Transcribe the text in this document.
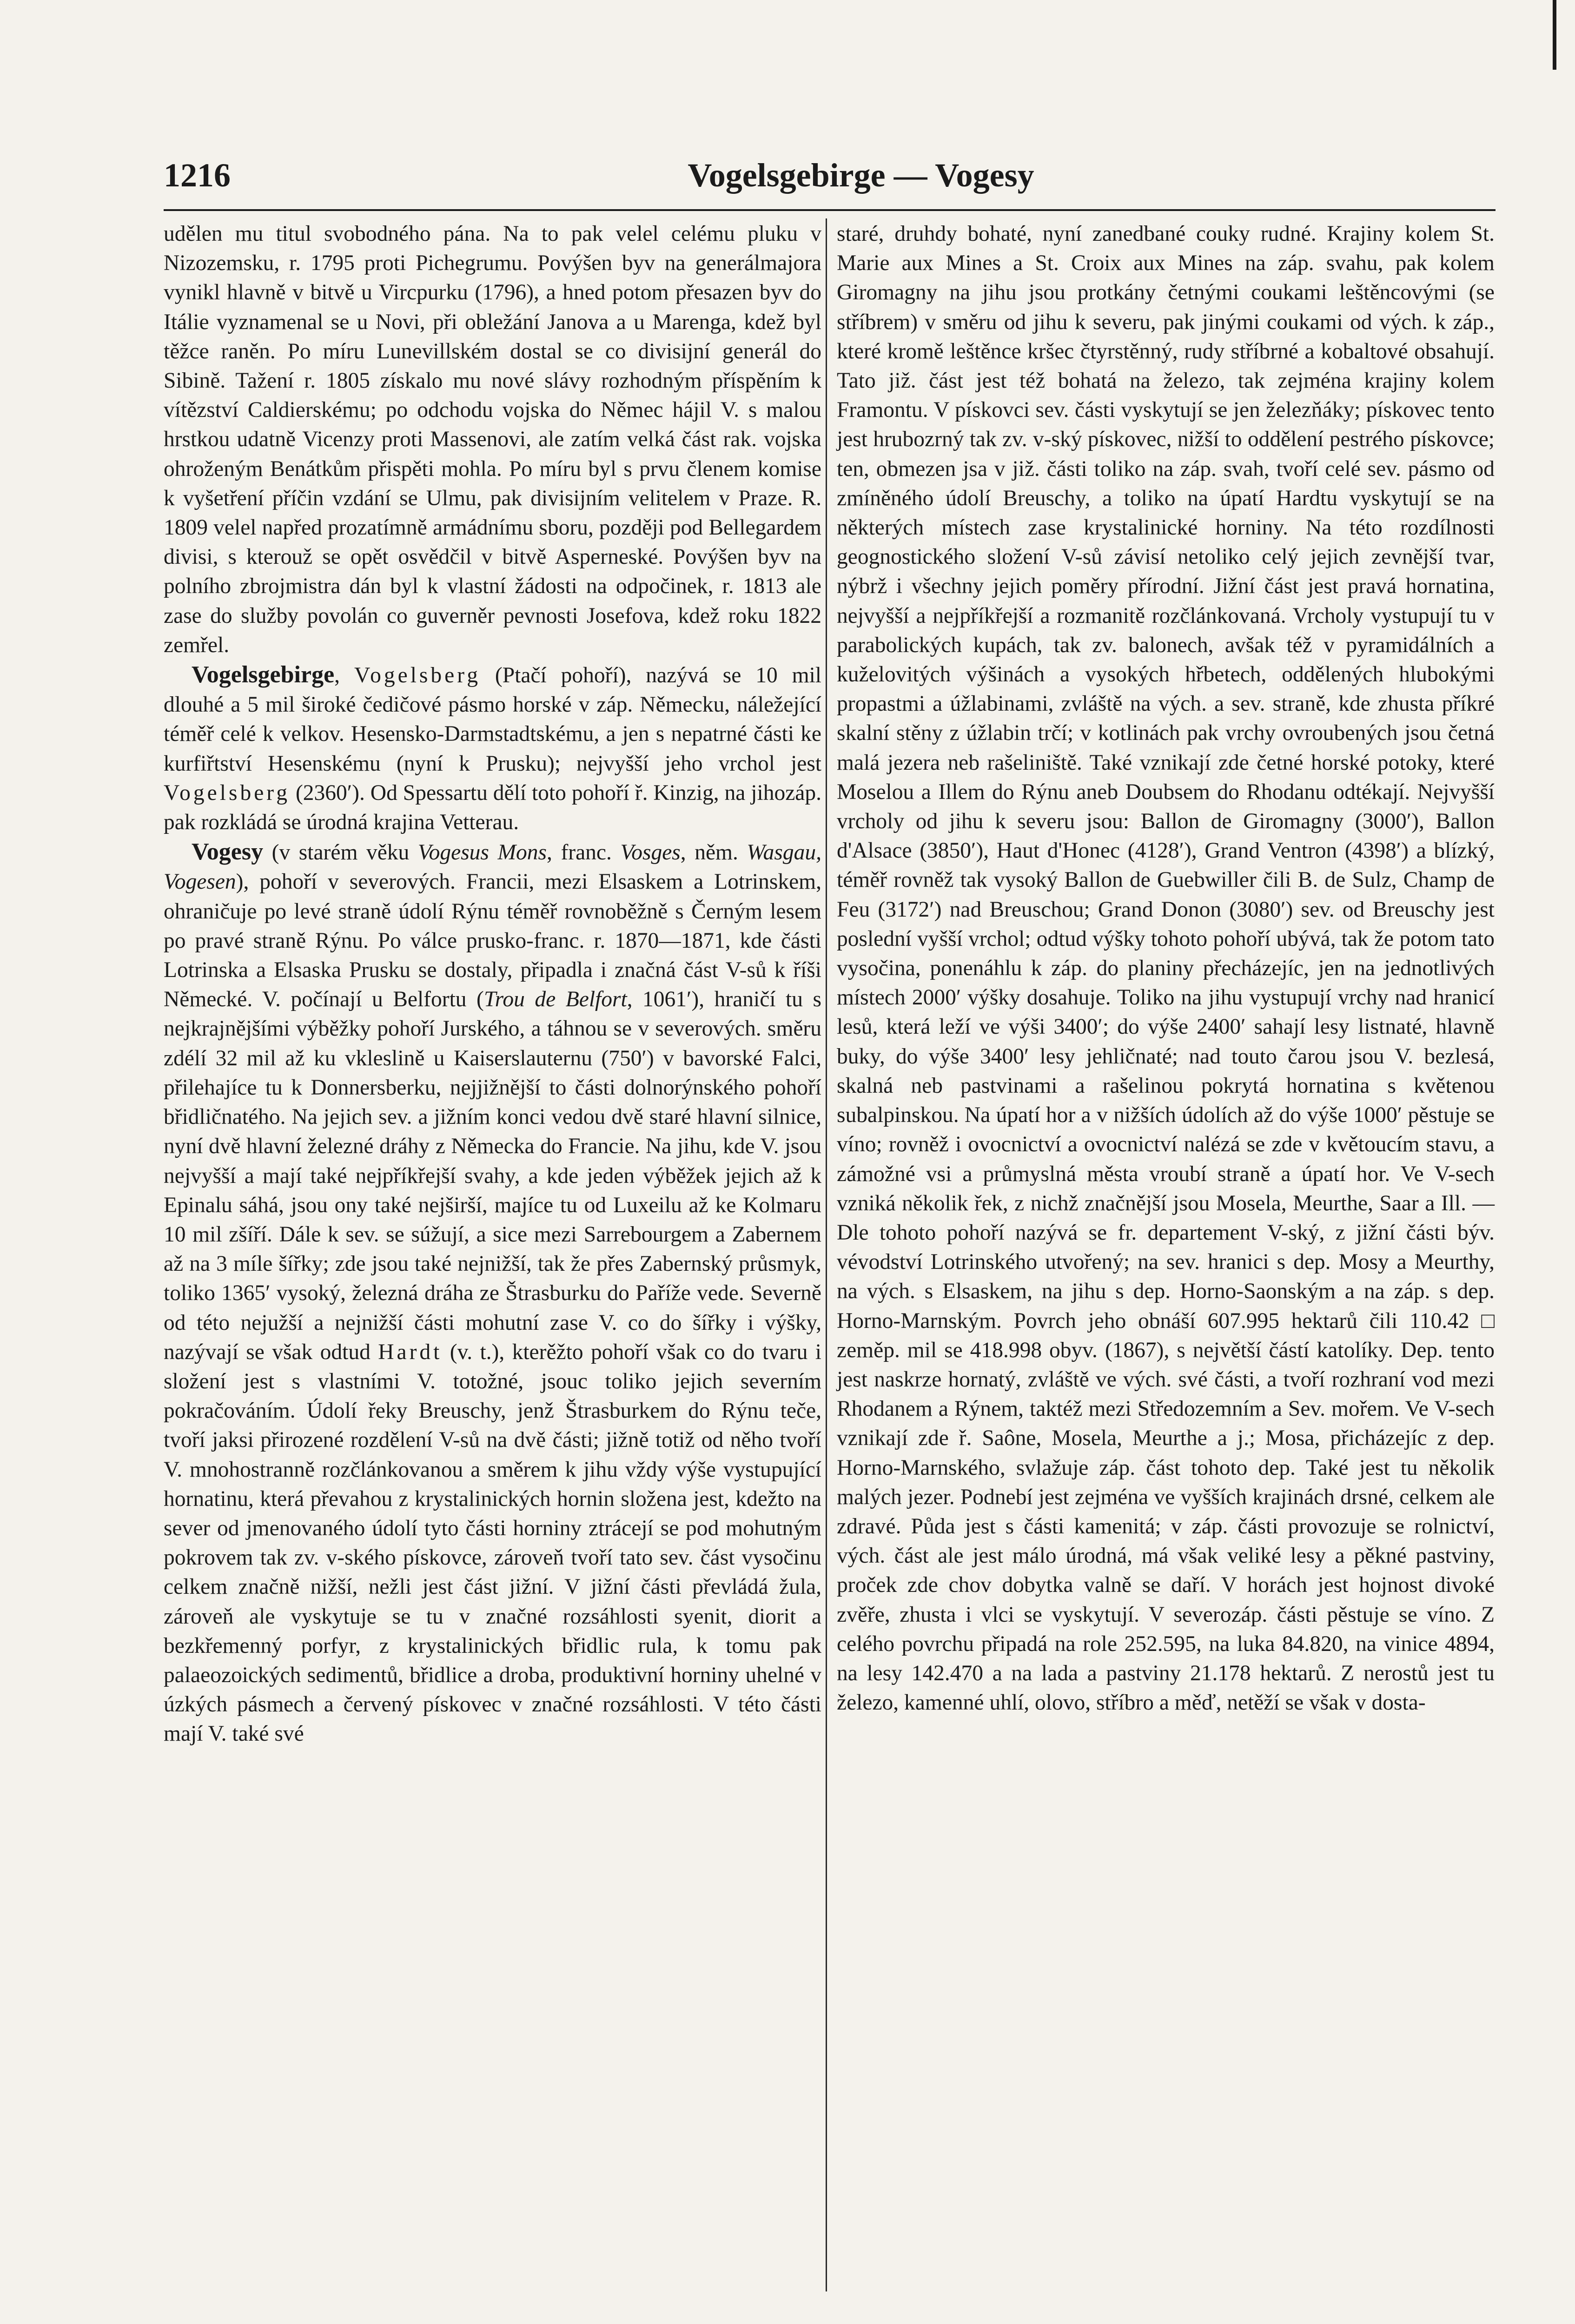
1216	Vogelsgebirge — Vogesy

udělen mu titul svobodného pána. Na to pak velel celému pluku v Nizozemsku, r. 1795 proti Pichegrumu. Povýšen byv na generálmajora vynikl hlavně v bitvě u Vircpurku (1796), a hned potom přesazen byv do Itálie vyznamenal se u Novi, při obležání Janova a u Marenga, kdež byl těžce raněn. Po míru Lunevillském dostal se co divisijní generál do Sibině. Tažení r. 1805 získalo mu nové slávy rozhodným příspěním k vítězství Caldierskému; po odchodu vojska do Němec hájil V. s malou hrstkou udatně Vicenzy proti Massenovi, ale zatím velká část rak. vojska ohroženým Benátkům přispěti mohla. Po míru byl s prvu členem komise k vyšetření příčin vzdání se Ulmu, pak divisijním velitelem v Praze. R. 1809 velel napřed prozatímně armádnímu sboru, později pod Bellegardem divisi, s kterouž se opět osvědčil v bitvě Asperneské. Povýšen byv na polního zbrojmistra dán byl k vlastní žádosti na odpočinek, r. 1813 ale zase do služby povolán co guverněr pevnosti Josefova, kdež roku 1822 zemřel.

Vogelsgebirge, Vogelsberg (Ptačí pohoří), nazývá se 10 mil dlouhé a 5 mil široké čedičové pásmo horské v záp. Německu, náležející téměř celé k velkov. Hesensko-Darmstadtskému, a jen s nepatrné části ke kurfiřtství Hesenskému (nyní k Prusku); nejvyšší jeho vrchol jest Vogelsberg (2360′). Od Spessartu dělí toto pohoří ř. Kinzig, na jihozáp. pak rozkládá se úrodná krajina Vetterau.

Vogesy (v starém věku Vogesus Mons, franc. Vosges, něm. Wasgau, Vogesen), pohoří v severových. Francii, mezi Elsaskem a Lotrinskem, ohraničuje po levé straně údolí Rýnu téměř rovnoběžně s Černým lesem po pravé straně Rýnu. Po válce prusko-franc. r. 1870—1871, kde části Lotrinska a Elsaska Prusku se dostaly, připadla i značná část V-sů k říši Německé. V. počínají u Belfortu (Trou de Belfort, 1061′), hraničí tu s nejkrajnějšími výběžky pohoří Jurského, a táhnou se v severových. směru zdélí 32 mil až ku vkleslině u Kaiserslauternu (750′) v bavorské Falci, přilehajíce tu k Donnersberku, nejjižnější to části dolnorýnského pohoří břidličnatého. Na jejich sev. a jižním konci vedou dvě staré hlavní silnice, nyní dvě hlavní železné dráhy z Německa do Francie. Na jihu, kde V. jsou nejvyšší a mají také nejpříkřejší svahy, a kde jeden výběžek jejich až k Epinalu sáhá, jsou ony také nejširší, majíce tu od Luxeilu až ke Kolmaru 10 mil zšíří. Dále k sev. se súžují, a sice mezi Sarrebourgem a Zabernem až na 3 míle šířky; zde jsou také nejnižší, tak že přes Zabernský průsmyk, toliko 1365′ vysoký, železná dráha ze Štrasburku do Paříže vede. Severně od této nejužší a nejnižší části mohutní zase V. co do šířky i výšky, nazývají se však odtud Hardt (v. t.), kterěžto pohoří však co do tvaru i složení jest s vlastními V. totožné, jsouc toliko jejich severním pokračováním. Údolí řeky Breuschy, jenž Štrasburkem do Rýnu teče, tvoří jaksi přirozené rozdělení V-sů na dvě části; jižně totiž od něho tvoří V. mnohostranně rozčlánkovanou a směrem k jihu vždy výše vystupující hornatinu, která převahou z krystalinických hornin složena jest, kdežto na sever od jmenovaného údolí tyto části horniny ztrácejí se pod mohutným pokrovem tak zv. v-ského pískovce, zároveň tvoří tato sev. část vysočinu celkem značně nižší, nežli jest část jižní. V jižní části převládá žula, zároveň ale vyskytuje se tu v značné rozsáhlosti syenit, diorit a bezkřemenný porfyr, z krystalinických břidlic rula, k tomu pak palaeozoických sedimentů, břidlice a droba, produktivní horniny uhelné v úzkých pásmech a červený pískovec v značné rozsáhlosti. V této části mají V. také své

staré, druhdy bohaté, nyní zanedbané couky rudné. Krajiny kolem St. Marie aux Mines a St. Croix aux Mines na záp. svahu, pak kolem Giromagny na jihu jsou protkány četnými coukami leštěncovými (se stříbrem) v směru od jihu k severu, pak jinými coukami od vých. k záp., které kromě leštěnce kršec čtyrstěnný, rudy stříbrné a kobaltové obsahují. Tato již. část jest též bohatá na železo, tak zejména krajiny kolem Framontu. V pískovci sev. části vyskytují se jen železňáky; pískovec tento jest hrubozrný tak zv. v-ský pískovec, nižší to oddělení pestrého pískovce; ten, obmezen jsa v již. části toliko na záp. svah, tvoří celé sev. pásmo od zmíněného údolí Breuschy, a toliko na úpatí Hardtu vyskytují se na některých místech zase krystalinické horniny. Na této rozdílnosti geognostického složení V-sů závisí netoliko celý jejich zevnější tvar, nýbrž i všechny jejich poměry přírodní. Jižní část jest pravá hornatina, nejvyšší a nejpříkřejší a rozmanitě rozčlánkovaná. Vrcholy vystupují tu v parabolických kupách, tak zv. balonech, avšak též v pyramidálních a kuželovitých výšinách a vysokých hřbetech, oddělených hlubokými propastmi a úžlabinami, zvláště na vých. a sev. straně, kde zhusta příkré skalní stěny z úžlabin trčí; v kotlinách pak vrchy ovroubených jsou četná malá jezera neb rašeliniště. Také vznikají zde četné horské potoky, které Moselou a Illem do Rýnu aneb Doubsem do Rhodanu odtékají. Nejvyšší vrcholy od jihu k severu jsou: Ballon de Giromagny (3000′), Ballon d'Alsace (3850′), Haut d'Honec (4128′), Grand Ventron (4398′) a blízký, téměř rovněž tak vysoký Ballon de Guebwiller čili B. de Sulz, Champ de Feu (3172′) nad Breuschou; Grand Donon (3080′) sev. od Breuschy jest poslední vyšší vrchol; odtud výšky tohoto pohoří ubývá, tak že potom tato vysočina, ponenáhlu k záp. do planiny přecházejíc, jen na jednotlivých místech 2000′ výšky dosahuje. Toliko na jihu vystupují vrchy nad hranicí lesů, která leží ve výši 3400′; do výše 2400′ sahají lesy listnaté, hlavně buky, do výše 3400′ lesy jehličnaté; nad touto čarou jsou V. bezlesá, skalná neb pastvinami a rašelinou pokrytá hornatina s květenou subalpinskou. Na úpatí hor a v nižších údolích až do výše 1000′ pěstuje se víno; rovněž i ovocnictví a ovocnictví nalézá se zde v květoucím stavu, a zámožné vsi a průmyslná města vroubí straně a úpatí hor. Ve V-sech vzniká několik řek, z nichž značnější jsou Mosela, Meurthe, Saar a Ill. — Dle tohoto pohoří nazývá se fr. departement V-ský, z jižní části býv. vévodství Lotrinského utvořený; na sev. hranici s dep. Mosy a Meurthy, na vých. s Elsaskem, na jihu s dep. Horno-Saonským a na záp. s dep. Horno-Marnským. Povrch jeho obnáší 607.995 hektarů čili 110.42 □ zeměp. mil se 418.998 obyv. (1867), s největší částí katolíky. Dep. tento jest naskrze hornatý, zvláště ve vých. své části, a tvoří rozhraní vod mezi Rhodanem a Rýnem, taktéž mezi Středozemním a Sev. mořem. Ve V-sech vznikají zde ř. Saône, Mosela, Meurthe a j.; Mosa, přicházejíc z dep. Horno-Marnského, svlažuje záp. část tohoto dep. Také jest tu několik malých jezer. Podnebí jest zejména ve vyšších krajinách drsné, celkem ale zdravé. Půda jest s části kamenitá; v záp. části provozuje se rolnictví, vých. část ale jest málo úrodná, má však veliké lesy a pěkné pastviny, proček zde chov dobytka valně se daří. V horách jest hojnost divoké zvěře, zhusta i vlci se vyskytují. V severozáp. části pěstuje se víno. Z celého povrchu připadá na role 252.595, na luka 84.820, na vinice 4894, na lesy 142.470 a na lada a pastviny 21.178 hektarů. Z nerostů jest tu železo, kamenné uhlí, olovo, stříbro a měď, netěží se však v dosta-
